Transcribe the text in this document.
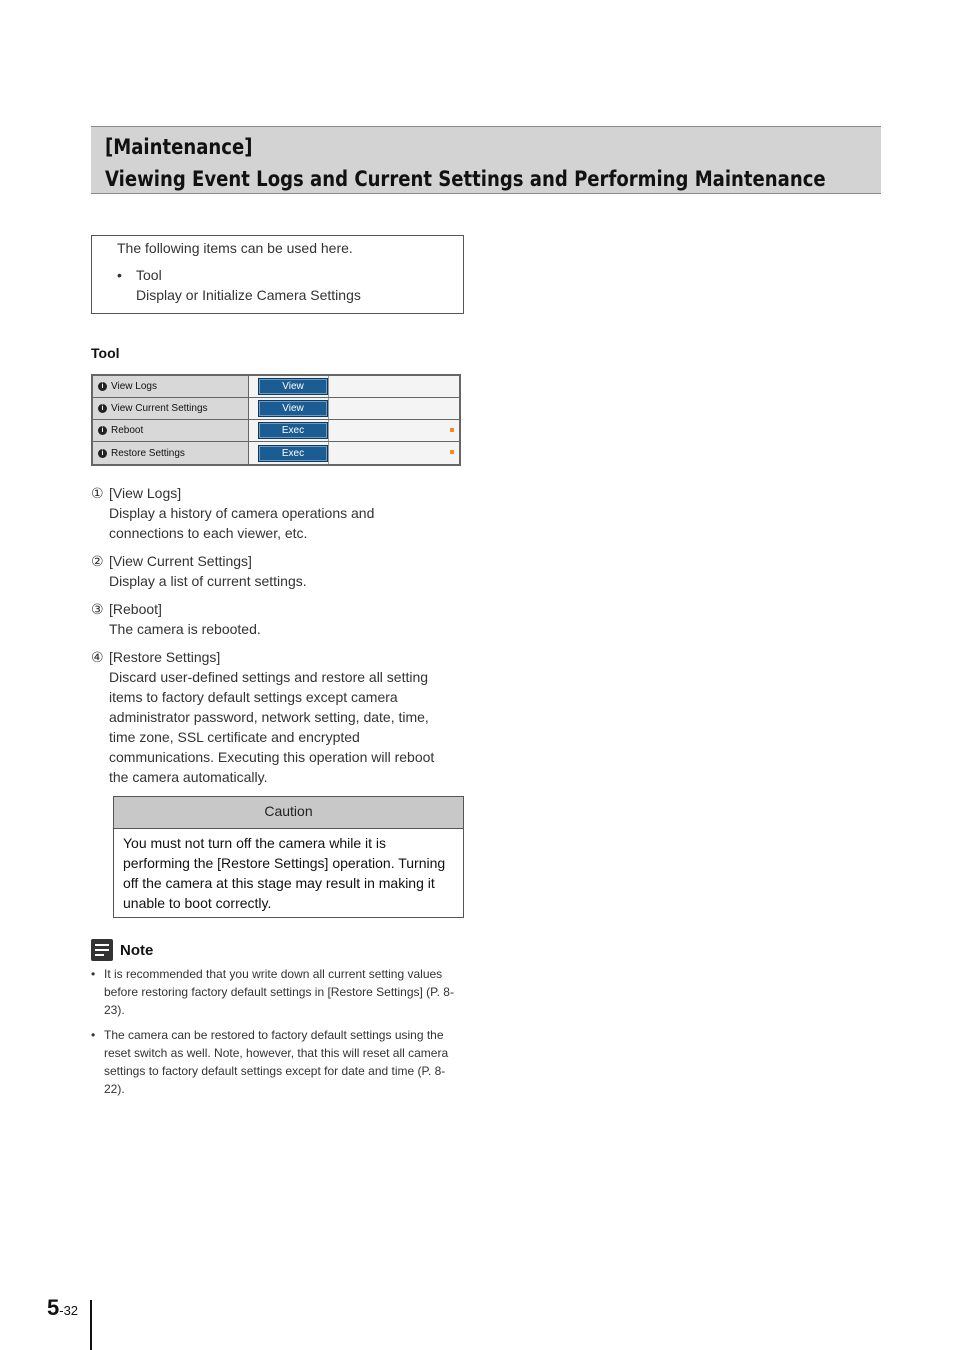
[Maintenance]
Viewing Event Logs and Current Settings and Performing Maintenance
The following items can be used here.
• Tool
Display or Initialize Camera Settings
Tool
i View Logs	View
i View Current Settings	View
i Reboot	Exec
i Restore Settings	Exec
① [View Logs]
Display a history of camera operations and connections to each viewer, etc.
② [View Current Settings]
Display a list of current settings.
③ [Reboot]
The camera is rebooted.
④ [Restore Settings]
Discard user-defined settings and restore all setting items to factory default settings except camera administrator password, network setting, date, time, time zone, SSL certificate and encrypted communications. Executing this operation will reboot the camera automatically.
Caution
You must not turn off the camera while it is performing the [Restore Settings] operation. Turning off the camera at this stage may result in making it unable to boot correctly.
Note
• It is recommended that you write down all current setting values before restoring factory default settings in [Restore Settings] (P. 8-23).
• The camera can be restored to factory default settings using the reset switch as well. Note, however, that this will reset all camera settings to factory default settings except for date and time (P. 8-22).
5-32
